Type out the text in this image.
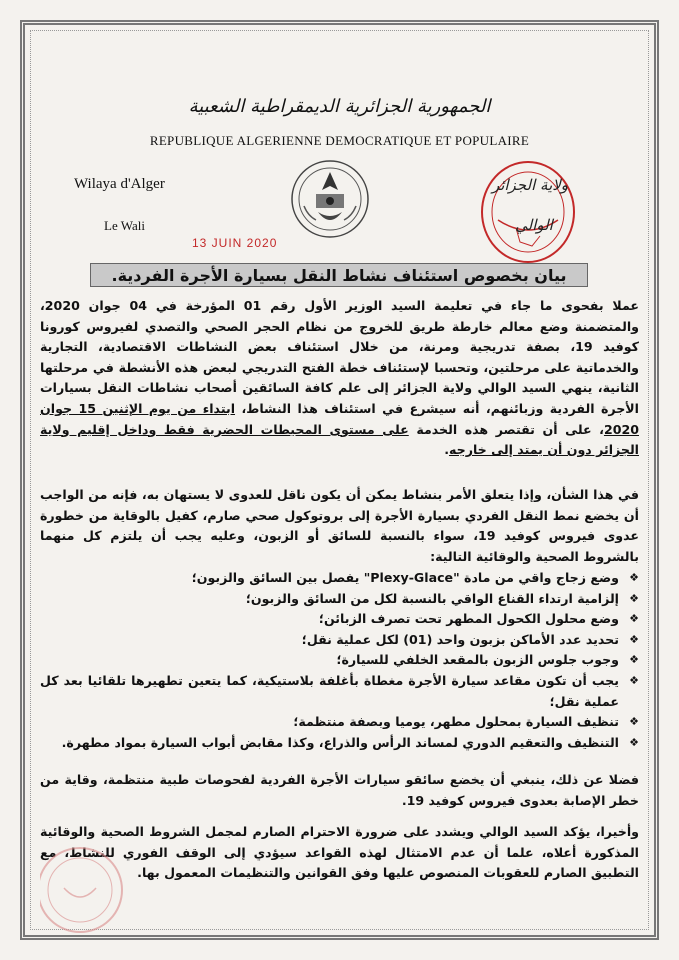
الجمهورية الجزائرية الديمقراطية الشعبية
REPUBLIQUE ALGERIENNE DEMOCRATIQUE ET POPULAIRE
Wilaya d'Alger
Le Wali
13 JUIN 2020
ولاية الجزائر
الوالي
بيان بخصوص استئناف نشاط النقل بسيارة الأجرة الفردية.
عملا بفحوى ما جاء في تعليمة السيد الوزير الأول رقم 01 المؤرخة في 04 جوان 2020، والمتضمنة وضع معالم خارطة طريق للخروج من نظام الحجر الصحي والتصدي لفيروس كورونا كوفيد 19، بصفة تدريجية ومرنة، من خلال استئناف بعض النشاطات الاقتصادية، التجارية والخدماتية على مرحلتين، وتحسبا لإستئناف خطة الفتح التدريجي لبعض هذه الأنشطة في مرحلتها الثانية، ينهي السيد الوالي ولاية الجزائر إلى علم كافة السائقين أصحاب نشاطات النقل بسيارات الأجرة الفردية وزبائنهم، أنه سيشرع في استئناف هذا النشاط، ابتداء من يوم الإثنين 15 جوان 2020، على أن تقتصر هذه الخدمة على مستوى المحيطات الحضرية فقط وداخل إقليم ولاية الجزائر دون أن يمتد إلى خارجه.
في هذا الشأن، وإذا يتعلق الأمر بنشاط يمكن أن يكون ناقل للعدوى لا يستهان به، فإنه من الواجب أن يخضع نمط النقل الفردي بسيارة الأجرة إلى بروتوكول صحي صارم، كفيل بالوقاية من خطورة عدوى فيروس كوفيد 19، سواء بالنسبة للسائق أو الزبون، وعليه يجب أن يلتزم كل منهما بالشروط الصحية والوقائية التالية:
❖
وضع زجاج واقي من مادة "Plexy-Glace" يفصل بين السائق والزبون؛
❖
إلزامية ارتداء القناع الواقي بالنسبة لكل من السائق والزبون؛
❖
وضع محلول الكحول المطهر تحت تصرف الزبائن؛
❖
تحديد عدد الأماكن بزبون واحد (01) لكل عملية نقل؛
❖
وجوب جلوس الزبون بالمقعد الخلفي للسيارة؛
❖
يجب أن تكون مقاعد سيارة الأجرة مغطاة بأغلفة بلاستيكية، كما يتعين تطهيرها تلقائيا بعد كل عملية نقل؛
❖
تنظيف السيارة بمحلول مطهر، يوميا وبصفة منتظمة؛
❖
التنظيف والتعقيم الدوري لمساند الرأس والذراع، وكذا مقابض أبواب السيارة بمواد مطهرة.
فضلا عن ذلك، ينبغي أن يخضع سائقو سيارات الأجرة الفردية لفحوصات طبية منتظمة، وقاية من خطر الإصابة بعدوى فيروس كوفيد 19.
وأخيرا، يؤكد السيد الوالي ويشدد على ضرورة الاحترام الصارم لمجمل الشروط الصحية والوقائية المذكورة أعلاه، علما أن عدم الامتثال لهذه القواعد سيؤدي إلى الوقف الفوري للنشاط، مع التطبيق الصارم للعقوبات المنصوص عليها وفق القوانين والتنظيمات المعمول بها.
